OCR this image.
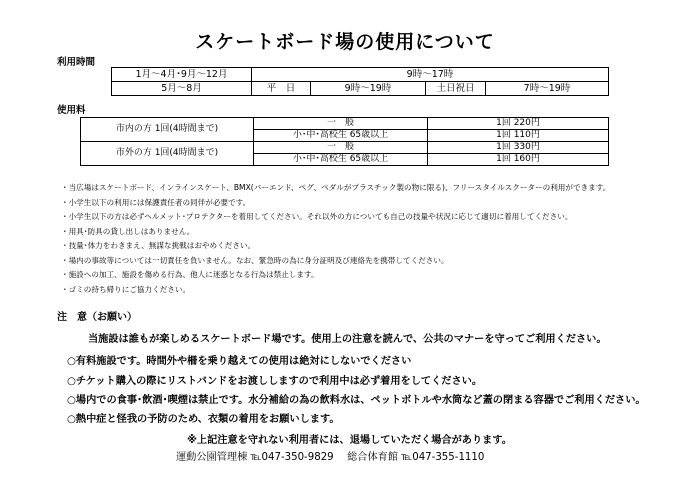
スケートボード場の使用について
利用時間
1月〜4月･9月〜12月	9時〜17時			
5月〜8月	平　日	9時〜19時	土日祝日	7時〜19時
使用料
市内の方 1回(4時間まで)	一　般	1回 220円
	小･中･高校生 65歳以上	1回 110円
市外の方 1回(4時間まで)	一　般	1回 330円
	小･中･高校生 65歳以上	1回 160円
・当広場はスケートボード、インラインスケート、BMX(バーエンド、ペグ、ペダルがプラスチック製の物に限る)、フリースタイルスクーターの利用ができます。
・小学生以下の利用には保護責任者の同伴が必要です。
・小学生以下の方は必ずヘルメット･プロテクターを着用してください。それ以外の方についても自己の技量や状況に応じて適切に着用してください。
・用具･防具の貸し出しはありません。
・技量･体力をわきまえ、無謀な挑戦はおやめください。
・場内の事故等については一切責任を負いません。なお、緊急時の為に身分証明及び連絡先を携帯してください。
・施設への加工、施設を傷める行為、他人に迷惑となる行為は禁止します。
・ゴミの持ち帰りにご協力ください。
注　意（お願い）
当施設は誰もが楽しめるスケートボード場です。使用上の注意を読んで、公共のマナーを守ってご利用ください。
○有料施設です。時間外や柵を乗り越えての使用は絶対にしないでください
○チケット購入の際にリストバンドをお渡ししますので利用中は必ず着用をしてください。
○場内での食事･飲酒･喫煙は禁止です。水分補給の為の飲料水は、ペットボトルや水筒など蓋の閉まる容器でご利用ください。
○熱中症と怪我の予防のため、衣類の着用をお願いします。
※上記注意を守れない利用者には、退場していただく場合があります。
運動公園管理棟 ℡047-350-9829　 総合体育館 ℡047-355-1110
